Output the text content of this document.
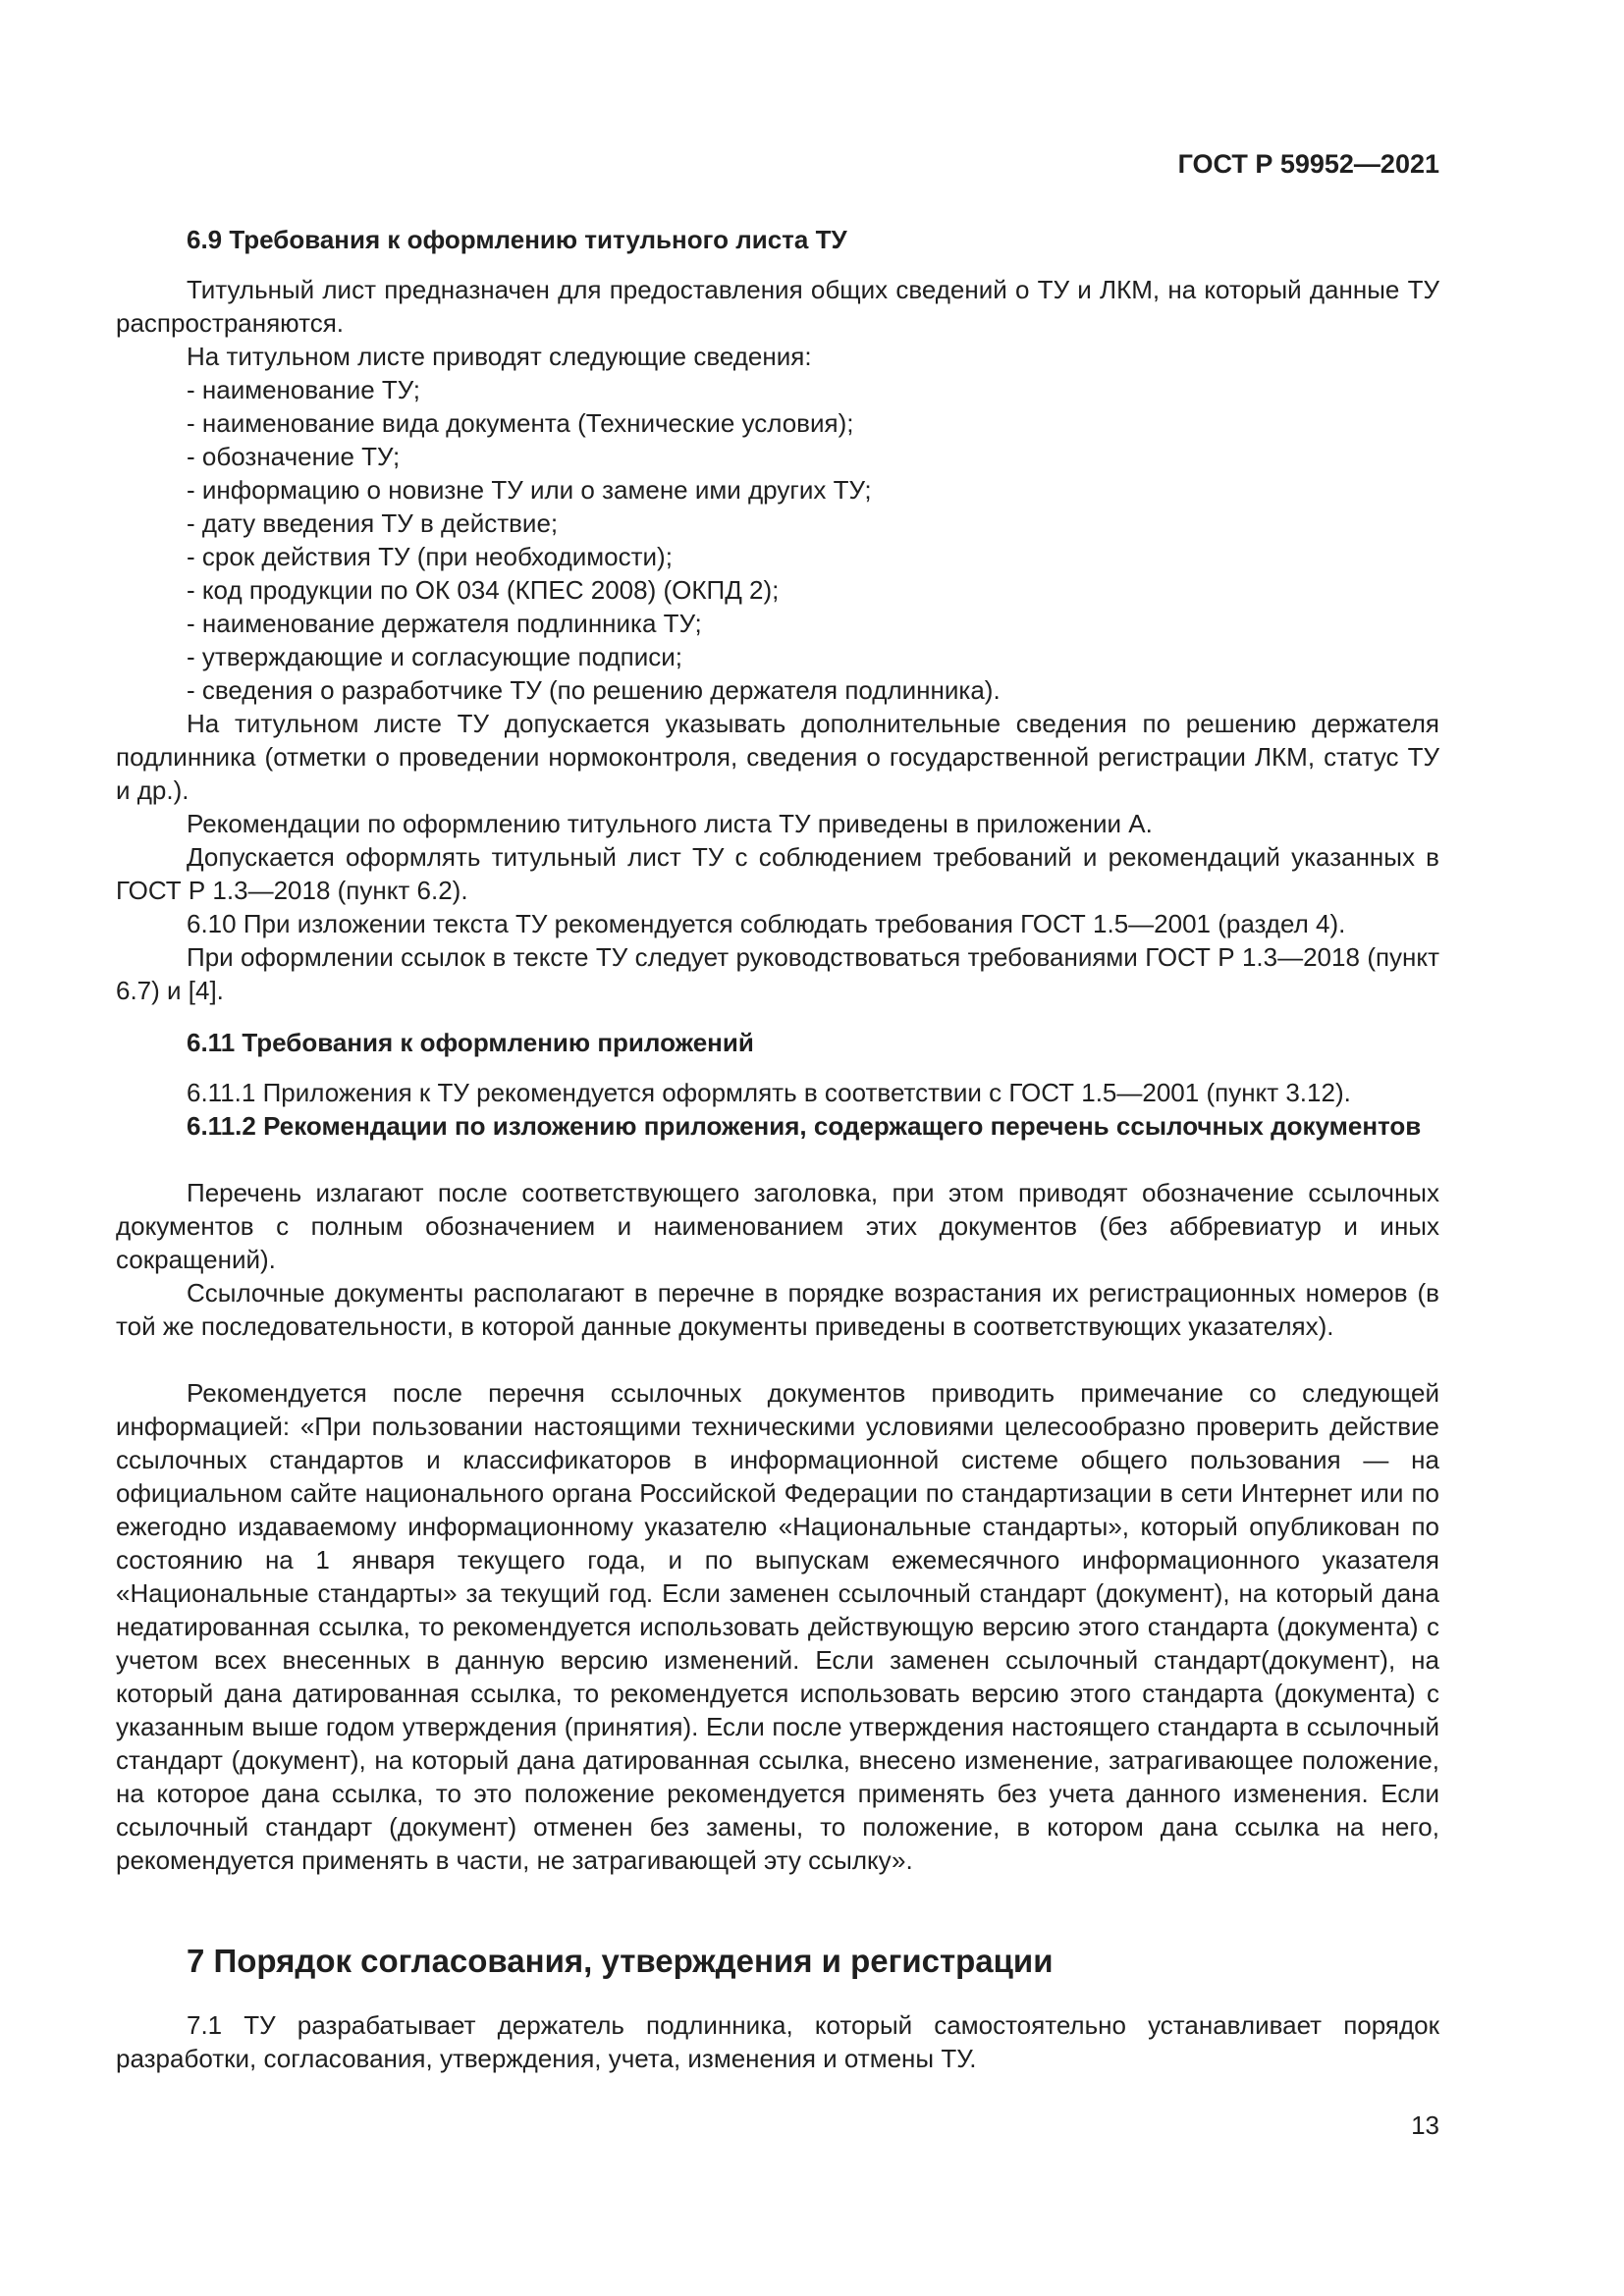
ГОСТ Р 59952—2021
6.9 Требования к оформлению титульного листа ТУ
Титульный лист предназначен для предоставления общих сведений о ТУ и ЛКМ, на который данные ТУ распространяются.
На титульном листе приводят следующие сведения:
- наименование ТУ;
- наименование вида документа (Технические условия);
- обозначение ТУ;
- информацию о новизне ТУ или о замене ими других ТУ;
- дату введения ТУ в действие;
- срок действия ТУ (при необходимости);
- код продукции по ОК 034 (КПЕС 2008) (ОКПД 2);
- наименование держателя подлинника ТУ;
- утверждающие и согласующие подписи;
- сведения о разработчике ТУ (по решению держателя подлинника).
На титульном листе ТУ допускается указывать дополнительные сведения по решению держателя подлинника (отметки о проведении нормоконтроля, сведения о государственной регистрации ЛКМ, статус ТУ и др.).
Рекомендации по оформлению титульного листа ТУ приведены в приложении А.
Допускается оформлять титульный лист ТУ с соблюдением требований и рекомендаций указанных в ГОСТ Р 1.3—2018 (пункт 6.2).
6.10 При изложении текста ТУ рекомендуется соблюдать требования ГОСТ 1.5—2001 (раздел 4).
При оформлении ссылок в тексте ТУ следует руководствоваться требованиями ГОСТ Р 1.3—2018 (пункт 6.7) и [4].
6.11 Требования к оформлению приложений
6.11.1 Приложения к ТУ рекомендуется оформлять в соответствии с ГОСТ 1.5—2001 (пункт 3.12).
6.11.2 Рекомендации по изложению приложения, содержащего перечень ссылочных документов
Перечень излагают после соответствующего заголовка, при этом приводят обозначение ссылочных документов с полным обозначением и наименованием этих документов (без аббревиатур и иных сокращений).
Ссылочные документы располагают в перечне в порядке возрастания их регистрационных номеров (в той же последовательности, в которой данные документы приведены в соответствующих указателях).
Рекомендуется после перечня ссылочных документов приводить примечание со следующей информацией: «При пользовании настоящими техническими условиями целесообразно проверить действие ссылочных стандартов и классификаторов в информационной системе общего пользования — на официальном сайте национального органа Российской Федерации по стандартизации в сети Интернет или по ежегодно издаваемому информационному указателю «Национальные стандарты», который опубликован по состоянию на 1 января текущего года, и по выпускам ежемесячного информационного указателя «Национальные стандарты» за текущий год. Если заменен ссылочный стандарт (документ), на который дана недатированная ссылка, то рекомендуется использовать действующую версию этого стандарта (документа) с учетом всех внесенных в данную версию изменений. Если заменен ссылочный стандарт(документ), на который дана датированная ссылка, то рекомендуется использовать версию этого стандарта (документа) с указанным выше годом утверждения (принятия). Если после утверждения настоящего стандарта в ссылочный стандарт (документ), на который дана датированная ссылка, внесено изменение, затрагивающее положение, на которое дана ссылка, то это положение рекомендуется применять без учета данного изменения. Если ссылочный стандарт (документ) отменен без замены, то положение, в котором дана ссылка на него, рекомендуется применять в части, не затрагивающей эту ссылку».
7 Порядок согласования, утверждения и регистрации
7.1 ТУ разрабатывает держатель подлинника, который самостоятельно устанавливает порядок разработки, согласования, утверждения, учета, изменения и отмены ТУ.
13
